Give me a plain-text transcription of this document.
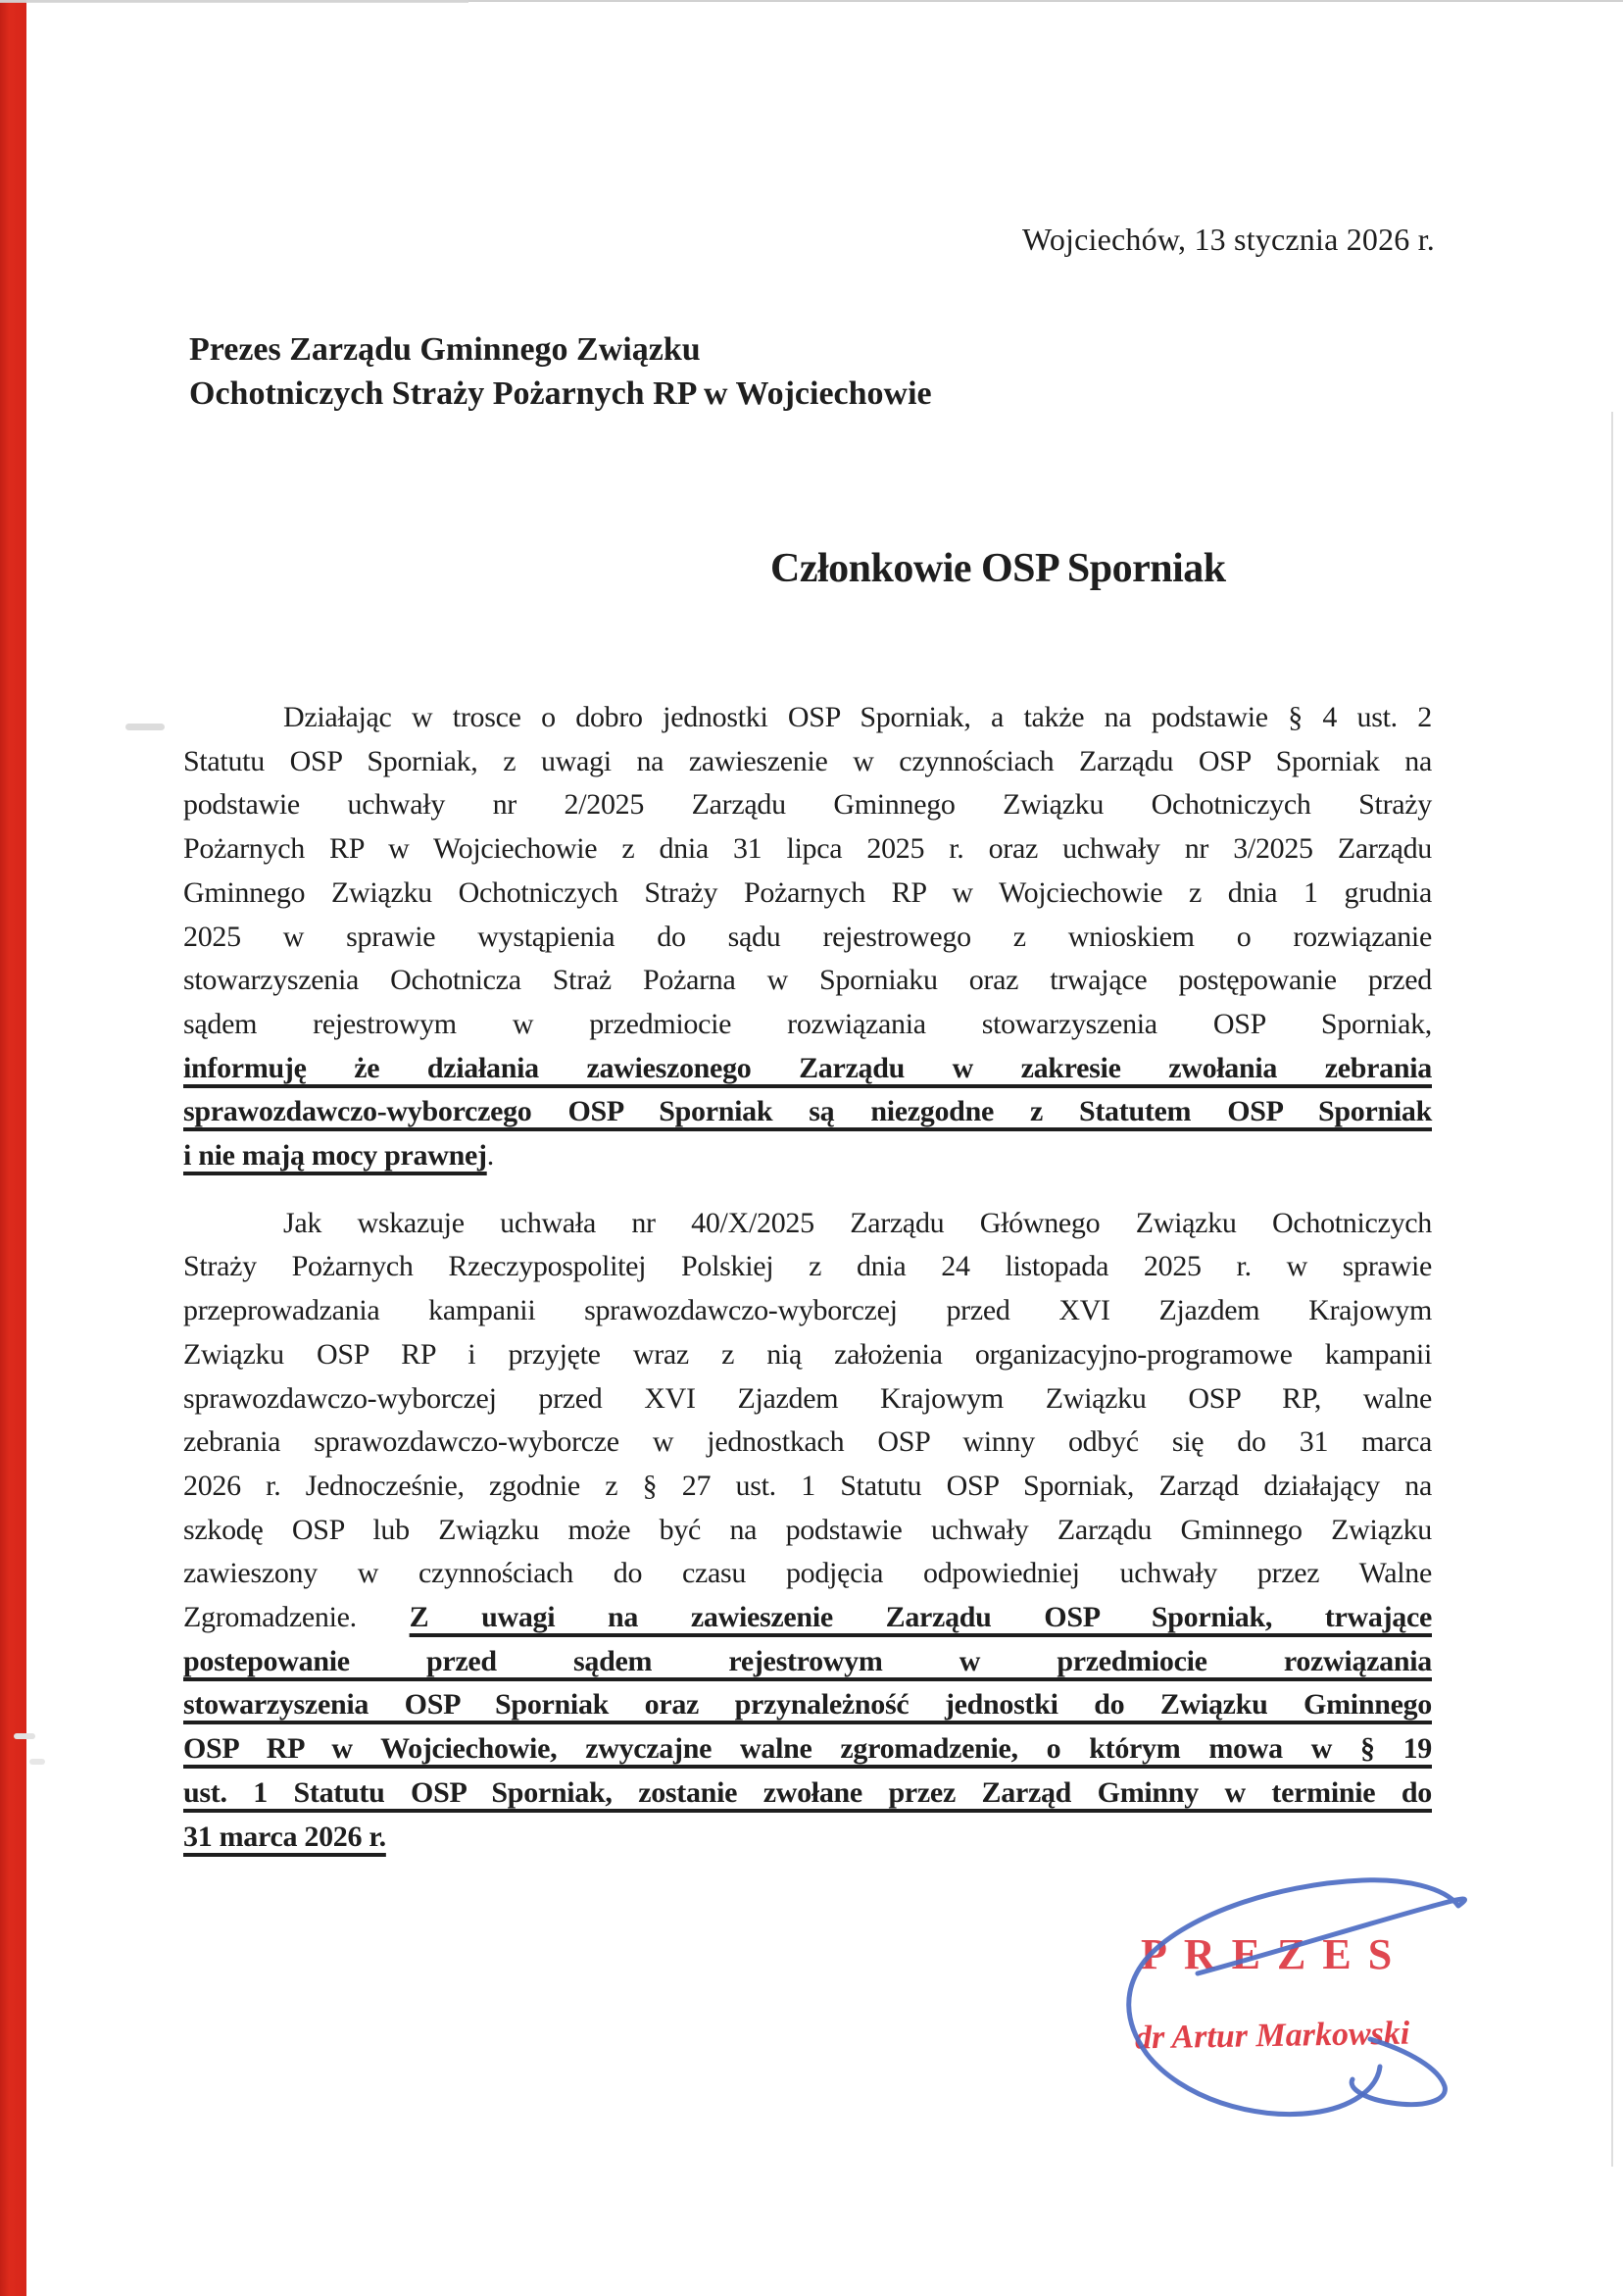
Wojciechów, 13 stycznia 2026 r.
Prezes Zarządu Gminnego Związku
Ochotniczych Straży Pożarnych RP w Wojciechowie
Członkowie OSP Sporniak
Działając w trosce o dobro jednostki OSP Sporniak, a także na podstawie § 4 ust. 2
Statutu OSP Sporniak, z uwagi na zawieszenie w czynnościach Zarządu OSP Sporniak na
podstawie uchwały nr 2/2025 Zarządu Gminnego Związku Ochotniczych Straży
Pożarnych RP w Wojciechowie z dnia 31 lipca 2025 r. oraz uchwały nr 3/2025 Zarządu
Gminnego Związku Ochotniczych Straży Pożarnych RP w Wojciechowie z dnia 1 grudnia
2025 w sprawie wystąpienia do sądu rejestrowego z wnioskiem o rozwiązanie
stowarzyszenia Ochotnicza Straż Pożarna w Sporniaku oraz trwające postępowanie przed
sądem rejestrowym w przedmiocie rozwiązania stowarzyszenia OSP Sporniak,
informuję że działania zawieszonego Zarządu w zakresie zwołania zebrania
sprawozdawczo-wyborczego OSP Sporniak są niezgodne z Statutem OSP Sporniak
i nie mają mocy prawnej.
Jak wskazuje uchwała nr 40/X/2025 Zarządu Głównego Związku Ochotniczych
Straży Pożarnych Rzeczypospolitej Polskiej z dnia 24 listopada 2025 r. w sprawie
przeprowadzania kampanii sprawozdawczo-wyborczej przed XVI Zjazdem Krajowym
Związku OSP RP i przyjęte wraz z nią założenia organizacyjno-programowe kampanii
sprawozdawczo-wyborczej przed XVI Zjazdem Krajowym Związku OSP RP, walne
zebrania sprawozdawczo-wyborcze w jednostkach OSP winny odbyć się do 31 marca
2026 r. Jednocześnie, zgodnie z § 27 ust. 1 Statutu OSP Sporniak, Zarząd działający na
szkodę OSP lub Związku może być na podstawie uchwały Zarządu Gminnego Związku
zawieszony w czynnościach do czasu podjęcia odpowiedniej uchwały przez Walne
Zgromadzenie. Z uwagi na zawieszenie Zarządu OSP Sporniak, trwające
postepowanie przed sądem rejestrowym w przedmiocie rozwiązania
stowarzyszenia OSP Sporniak oraz przynależność jednostki do Związku Gminnego
OSP RP w Wojciechowie, zwyczajne walne zgromadzenie, o którym mowa w § 19
ust. 1 Statutu OSP Sporniak, zostanie zwołane przez Zarząd Gminny w terminie do
31 marca 2026 r.
PREZES
dr Artur Markowski
